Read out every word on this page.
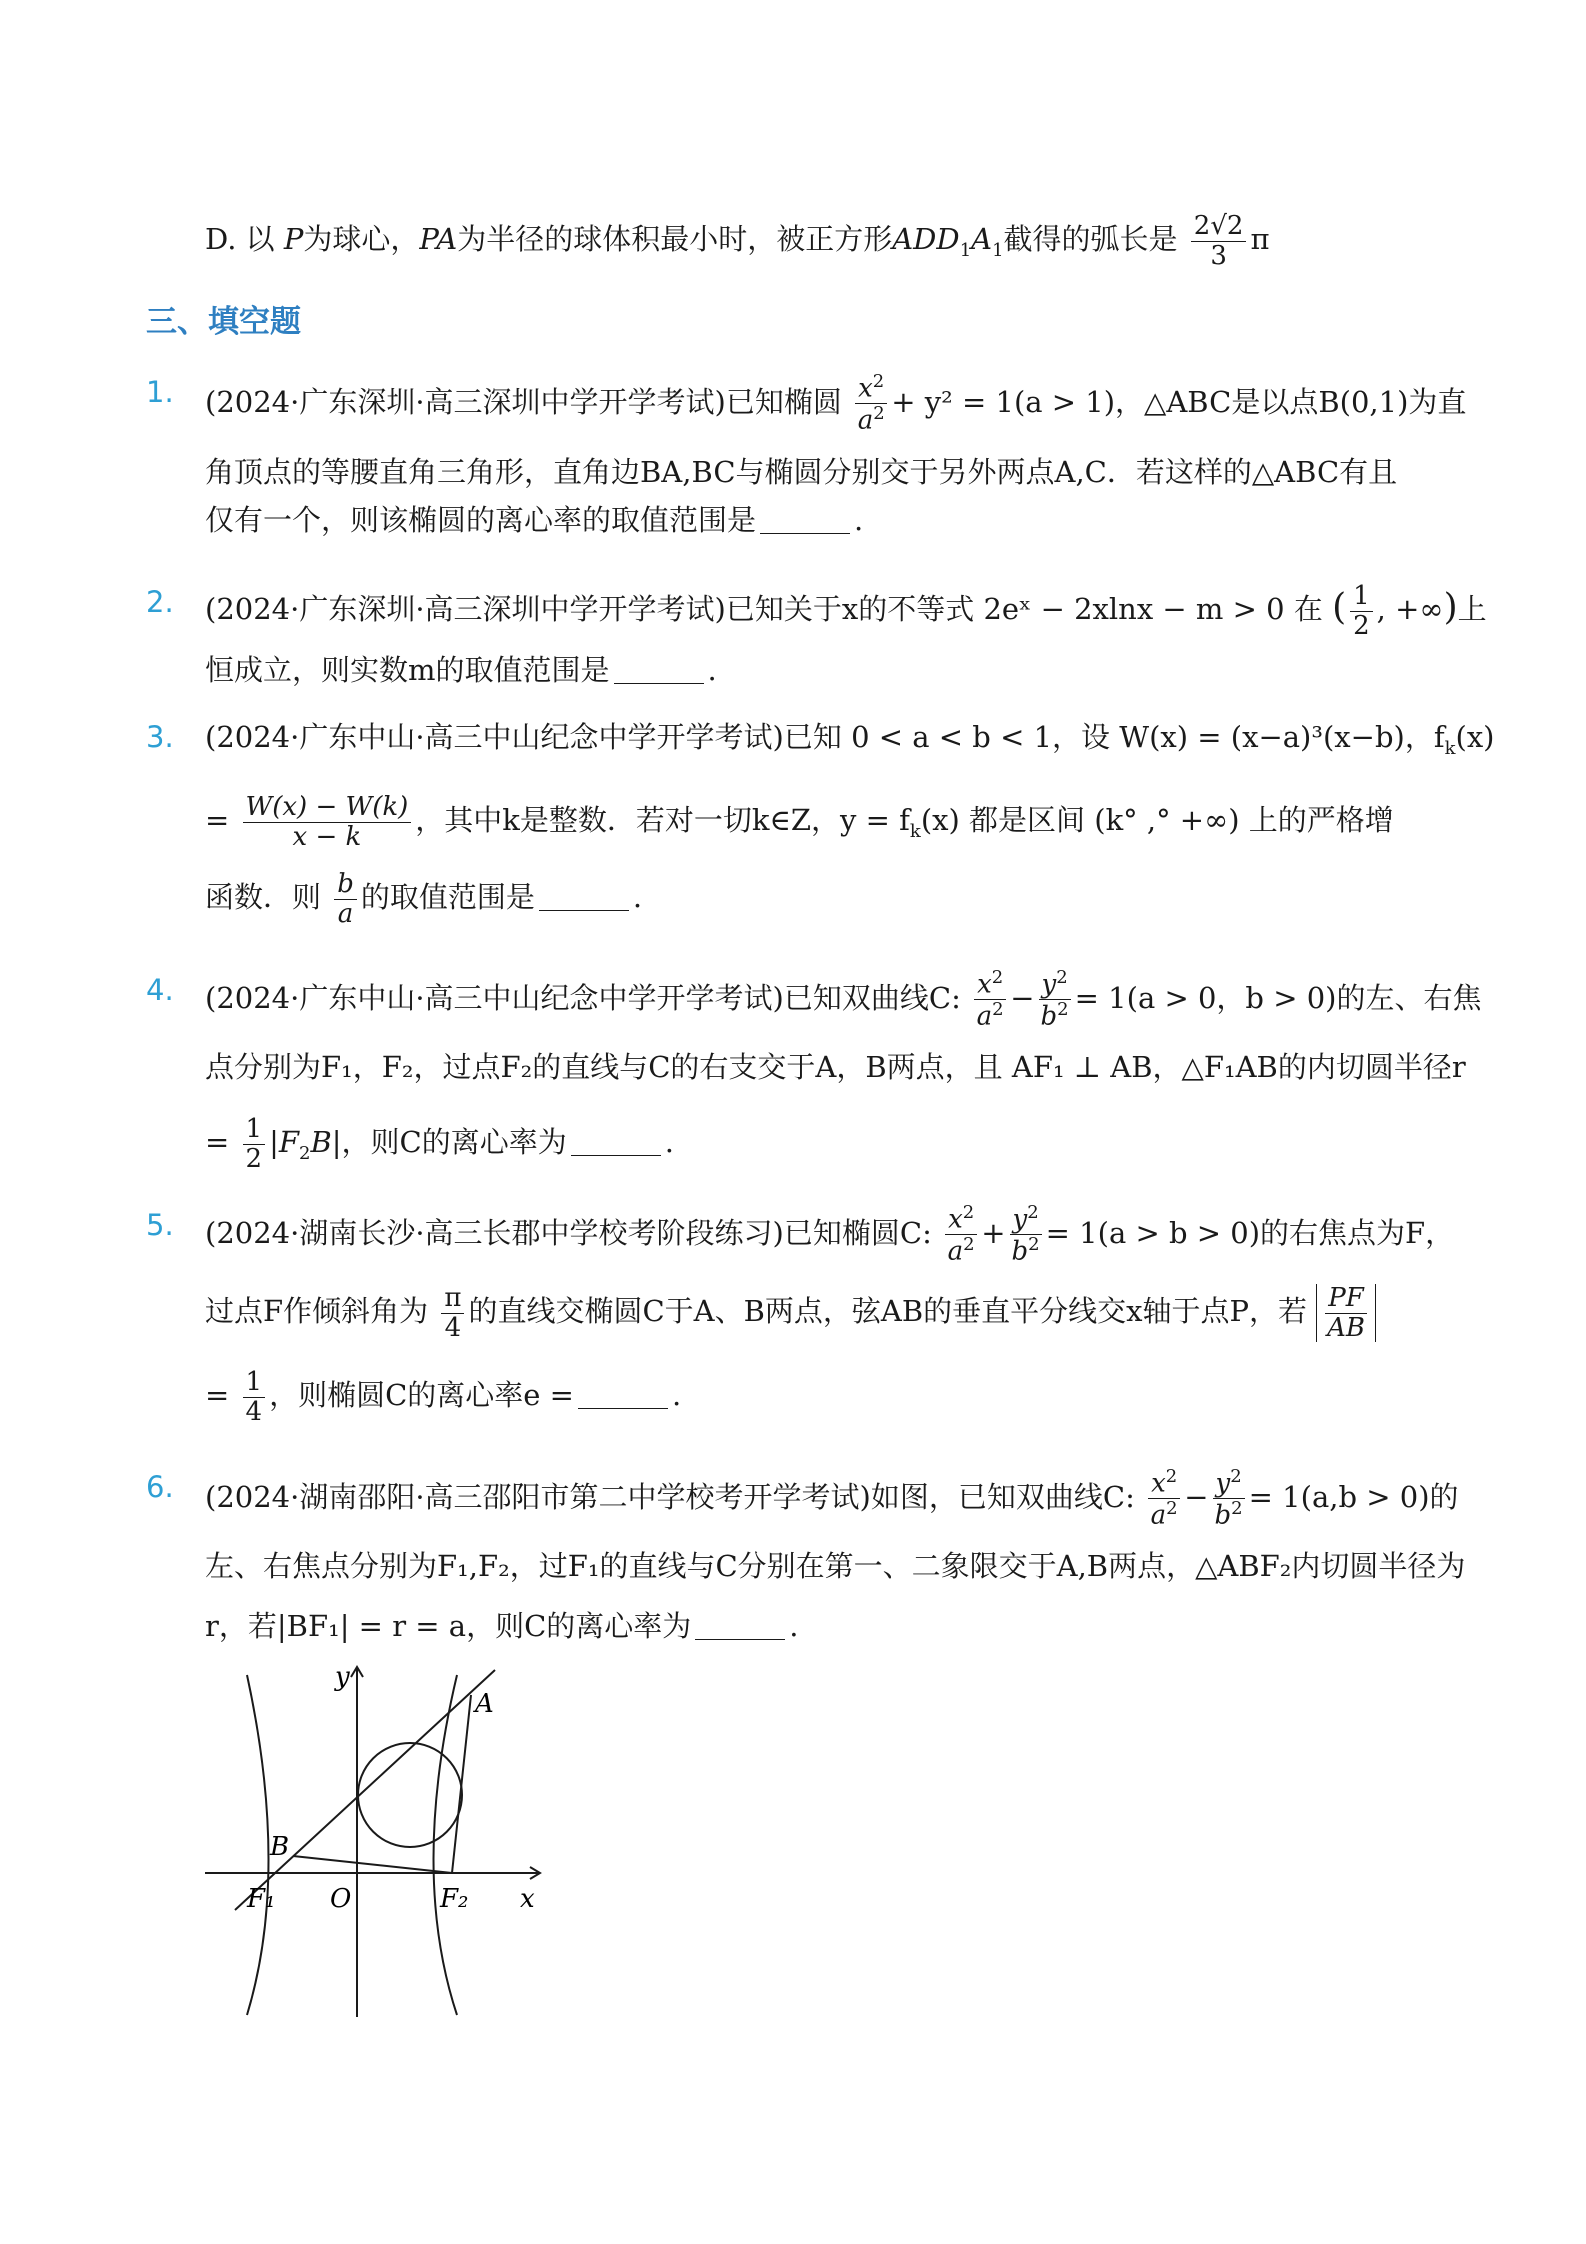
D. 以 P为球心，PA为半径的球体积最小时，被正方形$ADD_1A_1$截得的弧长是 $\frac{2√2}{3}$ π
三、填空题
1. (2024·广东深圳·高三深圳中学开学考试)已知椭圆 $\frac{x^2}{a^2} + y^2 = 1(a > 1)$，△ABC是以点B(0,1)为直
角顶点的等腰直角三角形，直角边BA,BC与椭圆分别交于另外两点A,C．若这样的△ABC有且
仅有一个，则该椭圆的离心率的取值范围是	.
2. (2024·广东深圳·高三深圳中学开学考试)已知关于x的不等式 2eˣ − 2xlnx − m > 0 在 ( $\frac{1}{2}$ , +∞)上
恒成立，则实数m的取值范围是	.
3. (2024·广东中山·高三中山纪念中学开学考试)已知 0 < a < b < 1，设 W(x) = (x−a)³(x−b)，$f_k(x)$
= $\frac{W(x) - W(k)}{x - k}$ ，其中k是整数．若对一切k∈Z，$y = f_k(x)$ 都是区间 (k° ,° +∞) 上的严格增
函数．则 $\frac{b}{a}$ 的取值范围是	.
4. (2024·广东中山·高三中山纪念中学开学考试)已知双曲线C: $\frac{x^2}{a^2} - \frac{y^2}{b^2} = 1(a > 0$，b > 0)的左、右焦
点分别为F₁，F₂，过点F₂的直线与C的右支交于A，B两点，且 AF₁ ⊥ AB，△F₁AB的内切圆半径r
= $\frac{1}{2} |F_2B|$，则C的离心率为	.
5. (2024·湖南长沙·高三长郡中学校考阶段练习)已知椭圆C: $\frac{x^2}{a^2} + \frac{y^2}{b^2} = 1(a > b > 0)$的右焦点为F，
过点F作倾斜角为 $\frac{\pi}{4}$ 的直线交椭圆C于A、B两点，弦AB的垂直平分线交x轴于点P，若 $\frac{PF}{AB}$
= $\frac{1}{4}$ ，则椭圆C的离心率e =	.
6. (2024·湖南邵阳·高三邵阳市第二中学校考开学考试)如图，已知双曲线C: $\frac{x^2}{a^2} - \frac{y^2}{b^2} = 1(a,b > 0)$的
左、右焦点分别为F₁,F₂，过F₁的直线与C分别在第一、二象限交于A,B两点，△ABF₂内切圆半径为
r，若|BF₁| = r = a，则C的离心率为	.
y
x
O
A
B
F₁	F₂
